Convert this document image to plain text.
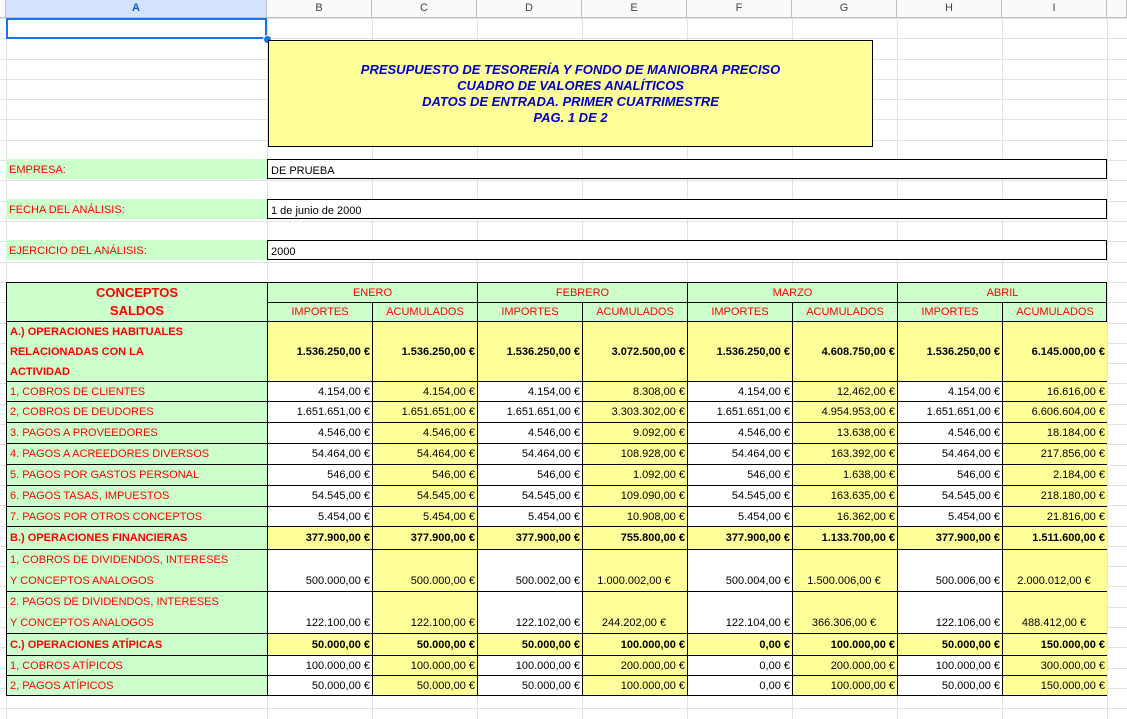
A	B	C	D	E	F	G	H	I
PRESUPUESTO DE TESORERÍA Y FONDO DE MANIOBRA PRECISO
CUADRO DE VALORES ANALÍTICOS
DATOS DE ENTRADA. PRIMER CUATRIMESTRE
PAG. 1 DE 2
EMPRESA:	DE PRUEBA
FECHA DEL ANÁLISIS:	1 de junio de 2000
EJERCICIO DEL ANÁLISIS:	2000
CONCEPTOS
SALDOS
ENERO
IMPORTES	ACUMULADOS
FEBRERO
IMPORTES	ACUMULADOS
MARZO
IMPORTES	ACUMULADOS
ABRIL
IMPORTES	ACUMULADOS
A.) OPERACIONES HABITUALES
RELACIONADAS CON LA
ACTIVIDAD
1.536.250,00 €	1.536.250,00 €	1.536.250,00 €	3.072.500,00 €	1.536.250,00 €	4.608.750,00 €	1.536.250,00 €	6.145.000,00 €
1, COBROS DE CLIENTES	4.154,00 €	4.154,00 €	4.154,00 €	8.308,00 €	4.154,00 €	12.462,00 €	4.154,00 €	16.616,00 €
2, COBROS DE DEUDORES	1.651.651,00 €	1.651.651,00 €	1.651.651,00 €	3.303.302,00 €	1.651.651,00 €	4.954.953,00 €	1.651.651,00 €	6.606.604,00 €
3. PAGOS A PROVEEDORES	4.546,00 €	4.546,00 €	4.546,00 €	9.092,00 €	4.546,00 €	13.638,00 €	4.546,00 €	18.184,00 €
4. PAGOS A ACREEDORES DIVERSOS	54.464,00 €	54.464,00 €	54.464,00 €	108.928,00 €	54.464,00 €	163.392,00 €	54.464,00 €	217.856,00 €
5. PAGOS POR GASTOS PERSONAL	546,00 €	546,00 €	546,00 €	1.092,00 €	546,00 €	1.638,00 €	546,00 €	2.184,00 €
6. PAGOS TASAS, IMPUESTOS	54.545,00 €	54.545,00 €	54.545,00 €	109.090,00 €	54.545,00 €	163.635,00 €	54.545,00 €	218.180,00 €
7. PAGOS POR OTROS CONCEPTOS	5.454,00 €	5.454,00 €	5.454,00 €	10.908,00 €	5.454,00 €	16.362,00 €	5.454,00 €	21.816,00 €
B.) OPERACIONES FINANCIERAS	377.900,00 €	377.900,00 €	377.900,00 €	755.800,00 €	377.900,00 €	1.133.700,00 €	377.900,00 €	1.511.600,00 €
1, COBROS DE DIVIDENDOS, INTERESES
Y CONCEPTOS ANALOGOS	500.000,00 €	500.000,00 €	500.002,00 €	1.000.002,00 €	500.004,00 €	1.500.006,00 €	500.006,00 €	2.000.012,00 €
2. PAGOS DE DIVIDENDOS, INTERESES
Y CONCEPTOS ANALOGOS	122.100,00 €	122.100,00 €	122.102,00 €	244.202,00 €	122.104,00 €	366.306,00 €	122.106,00 €	488.412,00 €
C.) OPERACIONES ATÍPICAS	50.000,00 €	50.000,00 €	50.000,00 €	100.000,00 €	0,00 €	100.000,00 €	50.000,00 €	150.000,00 €
1, COBROS ATÍPICOS	100.000,00 €	100.000,00 €	100.000,00 €	200.000,00 €	0,00 €	200.000,00 €	100.000,00 €	300.000,00 €
2, PAGOS ATÍPICOS	50.000,00 €	50.000,00 €	50.000,00 €	100.000,00 €	0,00 €	100.000,00 €	50.000,00 €	150.000,00 €
